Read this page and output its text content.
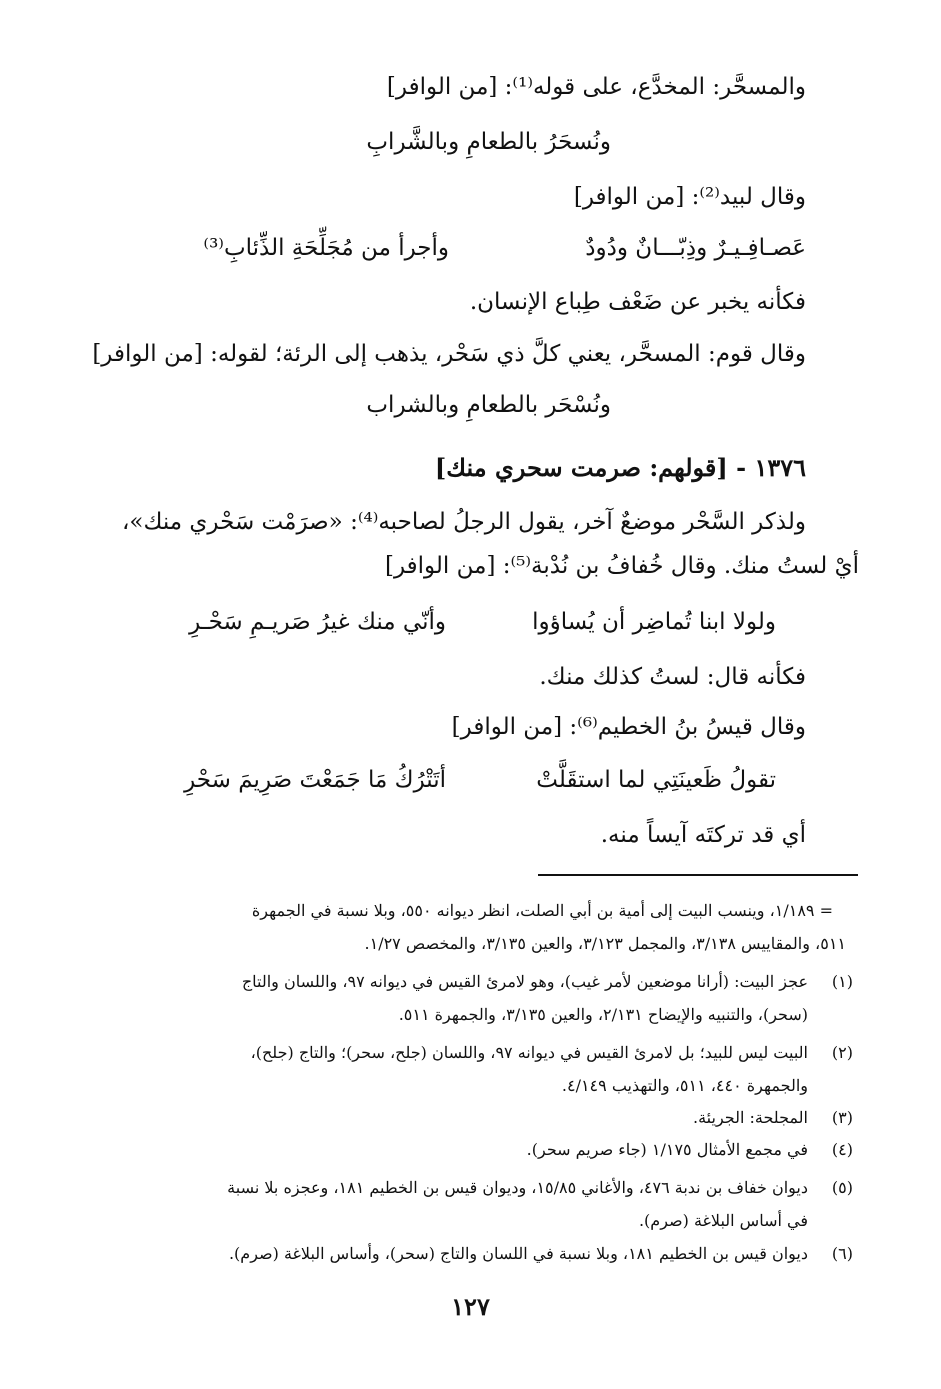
والمسحَّر: المخدَّع، على قوله⁽¹⁾: [من الوافر]
ونُسحَرُ بالطعامِ وبالشَّرابِ
وقال لبيد⁽²⁾: [من الوافر]
عَصـافِـيـرٌ وذِبّـــانٌ ودُودٌ
وأجرأ من مُجَلِّحَةِ الذِّئابِ⁽³⁾
فكأنه يخبر عن ضَعْف طِباع الإنسان.
وقال قوم: المسحَّر، يعني كلَّ ذي سَحْر، يذهب إلى الرئة؛ لقوله: [من الوافر]
ونُسْحَر بالطعامِ وبالشراب
١٣٧٦ - [قولهم: صرمت سحري منك]
ولذكر السَّحْر موضعٌ آخر، يقول الرجلُ لصاحبه⁽⁴⁾: «صرَمْت سَحْري منك»،
أيْ لستُ منك. وقال خُفافُ بن نُدْبة⁽⁵⁾: [من الوافر]
ولولا ابنا تُماضِر أن يُساؤوا
وأنّي منك غيرُ صَريـمِ سَحْـرِ
فكأنه قال: لستُ كذلك منك.
وقال قيسُ بنُ الخطيم⁽⁶⁾: [من الوافر]
تقولُ ظَعينَتِي لما استقَلَّتْ
أتَتْرُكُ مَا جَمَعْتَ صَرِيمَ سَحْرِ
أي قد تركتَه آيساً منه.
= ١/١٨٩، وينسب البيت إلى أمية بن أبي الصلت، انظر ديوانه ٥٥٠، وبلا نسبة في الجمهرة
٥١١، والمقاييس ٣/١٣٨، والمجمل ٣/١٢٣، والعين ٣/١٣٥، والمخصص ١/٢٧.
(١)
عجز البيت: (أرانا موضعين لأمر غيب)، وهو لامرئ القيس في ديوانه ٩٧، واللسان والتاج
(سحر)، والتنبيه والإيضاح ٢/١٣١، والعين ٣/١٣٥، والجمهرة ٥١١.
(٢)
البيت ليس للبيد؛ بل لامرئ القيس في ديوانه ٩٧، واللسان (جلح، سحر)؛ والتاج (جلح)،
والجمهرة ٤٤٠، ٥١١، والتهذيب ٤/١٤٩.
(٣)
المجلحة: الجريئة.
(٤)
في مجمع الأمثال ١/١٧٥ (جاء صريم سحر).
(٥)
ديوان خفاف بن ندبة ٤٧٦، والأغاني ١٥/٨٥، وديوان قيس بن الخطيم ١٨١، وعجزه بلا نسبة
في أساس البلاغة (صرم).
(٦)
ديوان قيس بن الخطيم ١٨١، وبلا نسبة في اللسان والتاج (سحر)، وأساس البلاغة (صرم).
١٢٧
